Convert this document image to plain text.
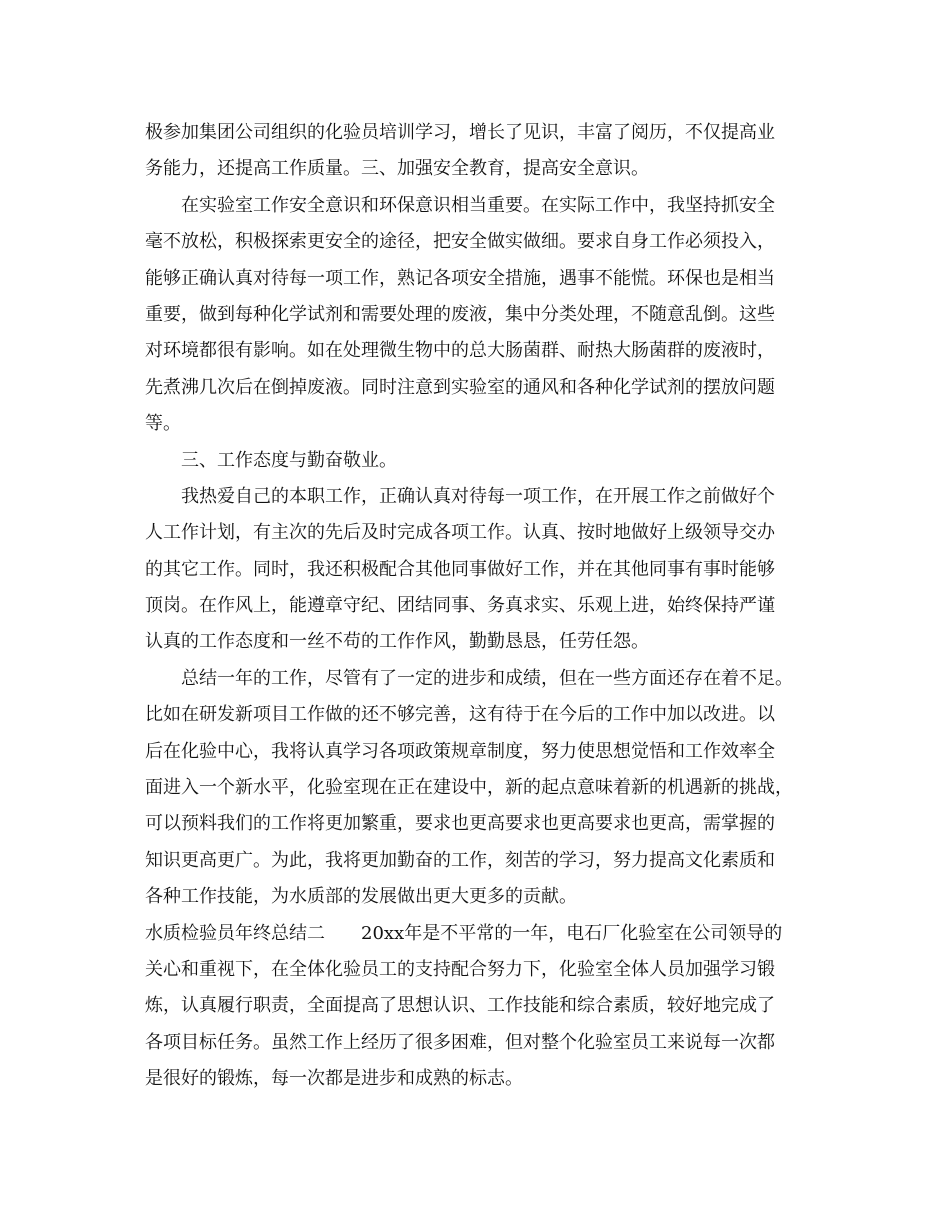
极参加集团公司组织的化验员培训学习，增长了见识，丰富了阅历，不仅提高业
务能力，还提高工作质量。三、加强安全教育，提高安全意识。
　　在实验室工作安全意识和环保意识相当重要。在实际工作中，我坚持抓安全
毫不放松，积极探索更安全的途径，把安全做实做细。要求自身工作必须投入，
能够正确认真对待每一项工作，熟记各项安全措施，遇事不能慌。环保也是相当
重要，做到每种化学试剂和需要处理的废液，集中分类处理，不随意乱倒。这些
对环境都很有影响。如在处理微生物中的总大肠菌群、耐热大肠菌群的废液时，
先煮沸几次后在倒掉废液。同时注意到实验室的通风和各种化学试剂的摆放问题
等。
　　三、工作态度与勤奋敬业。
　　我热爱自己的本职工作，正确认真对待每一项工作，在开展工作之前做好个
人工作计划，有主次的先后及时完成各项工作。认真、按时地做好上级领导交办
的其它工作。同时，我还积极配合其他同事做好工作，并在其他同事有事时能够
顶岗。在作风上，能遵章守纪、团结同事、务真求实、乐观上进，始终保持严谨
认真的工作态度和一丝不苟的工作作风，勤勤恳恳，任劳任怨。
　　总结一年的工作，尽管有了一定的进步和成绩，但在一些方面还存在着不足。
比如在研发新项目工作做的还不够完善，这有待于在今后的工作中加以改进。以
后在化验中心，我将认真学习各项政策规章制度，努力使思想觉悟和工作效率全
面进入一个新水平，化验室现在正在建设中，新的起点意味着新的机遇新的挑战，
可以预料我们的工作将更加繁重，要求也更高要求也更高要求也更高，需掌握的
知识更高更广。为此，我将更加勤奋的工作，刻苦的学习，努力提高文化素质和
各种工作技能，为水质部的发展做出更大更多的贡献。
水质检验员年终总结二　　20xx年是不平常的一年，电石厂化验室在公司领导的
关心和重视下，在全体化验员工的支持配合努力下，化验室全体人员加强学习锻
炼，认真履行职责，全面提高了思想认识、工作技能和综合素质，较好地完成了
各项目标任务。虽然工作上经历了很多困难，但对整个化验室员工来说每一次都
是很好的锻炼，每一次都是进步和成熟的标志。
